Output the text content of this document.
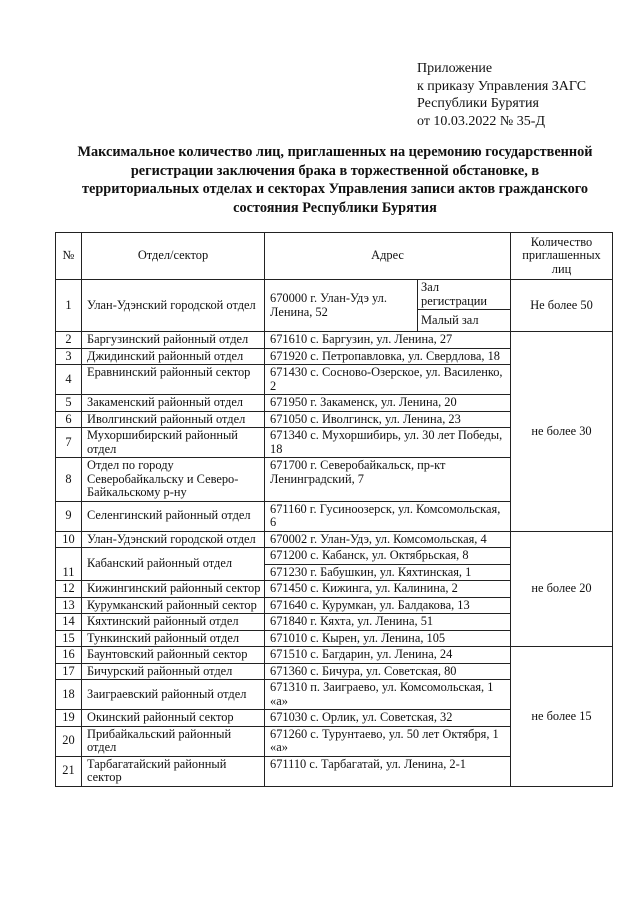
Приложение
к приказу Управления ЗАГС
Республики Бурятия
от 10.03.2022 № 35-Д
Максимальное количество лиц, приглашенных на церемонию государственной
регистрации заключения брака в торжественной обстановке, в
территориальных отделах и секторах Управления записи актов гражданского
состояния Республики Бурятия
№	Отдел/сектор	Адрес		Количество приглашенных лиц
1	Улан-Удэнский городской отдел	670000 г. Улан-Удэ ул. Ленина, 52	Зал регистрации	Не более 50
			Малый зал	
2	Баргузинский районный отдел	671610 с. Баргузин, ул. Ленина, 27		не более 30
3	Джидинский районный отдел	671920 с. Петропавловка, ул. Свердлова, 18		
4	Еравнинский районный сектор	671430 с. Сосново-Озерское, ул. Василенко, 2		
5	Закаменский районный отдел	671950 г. Закаменск, ул. Ленина, 20		
6	Иволгинский районный отдел	671050 с. Иволгинск, ул. Ленина, 23		
7	Мухоршибирский районный отдел	671340 с. Мухоршибирь, ул. 30 лет Победы, 18		
8	Отдел по городу Северобайкальску и Северо-Байкальскому р-ну	671700 г. Северобайкальск, пр-кт Ленинградский, 7		
9	Селенгинский районный отдел	671160 г. Гусиноозерск, ул. Комсомольская, 6		
10	Улан-Удэнский городской отдел	670002 г. Улан-Удэ, ул. Комсомольская, 4		не более 20
11	Кабанский районный отдел	671200 с. Кабанск, ул. Октябрьская, 8		
		671230 г. Бабушкин, ул. Кяхтинская, 1		
12	Кижингинский районный сектор	671450 с. Кижинга, ул. Калинина, 2		
13	Курумканский районный сектор	671640 с. Курумкан, ул. Балдакова, 13		
14	Кяхтинский районный отдел	671840 г. Кяхта, ул. Ленина, 51		
15	Тункинский районный отдел	671010 с. Кырен, ул. Ленина, 105		
16	Баунтовский районный сектор	671510 с. Багдарин, ул. Ленина, 24		не более 15
17	Бичурский районный отдел	671360 с. Бичура, ул. Советская, 80		
18	Заиграевский районный отдел	671310 п. Заиграево, ул. Комсомольская, 1 «а»		
19	Окинский районный сектор	671030 с. Орлик, ул. Советская, 32		
20	Прибайкальский районный отдел	671260 с. Турунтаево, ул. 50 лет Октября, 1 «а»		
21	Тарбагатайский районный сектор	671110 с. Тарбагатай, ул. Ленина, 2-1		
